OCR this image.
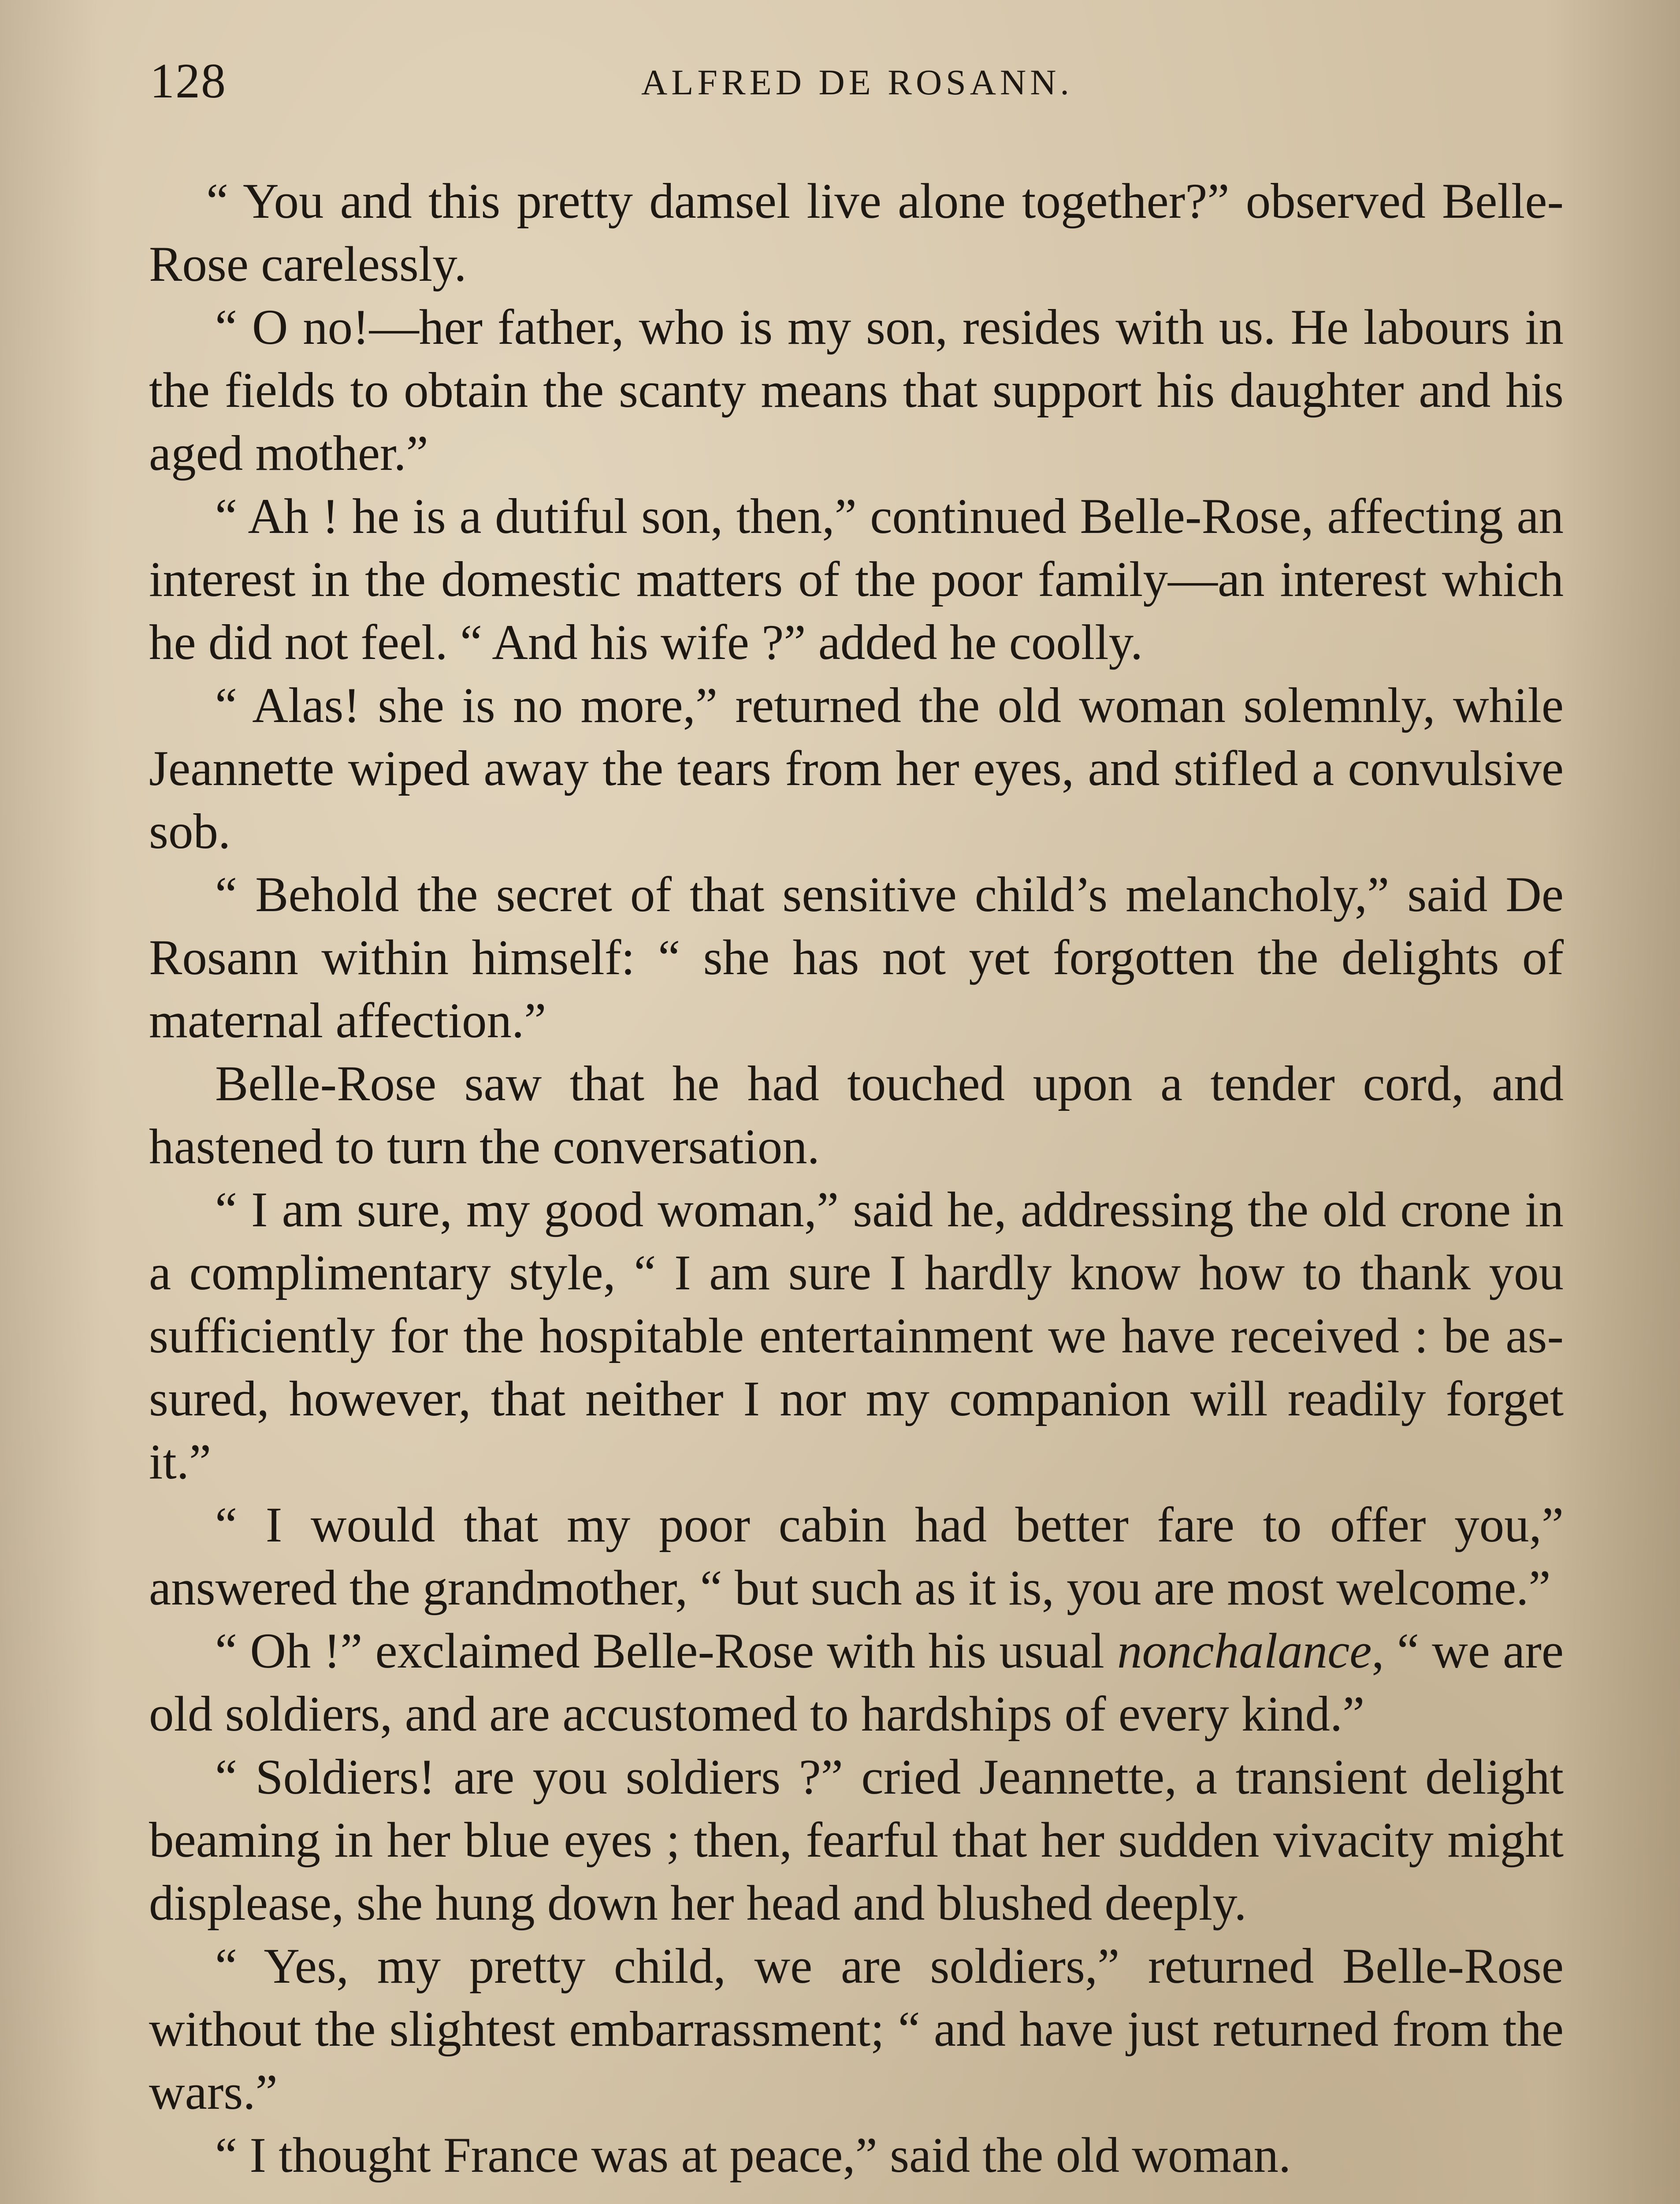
128	ALFRED DE ROSANN.

“ You and this pretty damsel live alone together?” observed Belle-Rose carelessly.

“ O no!—her father, who is my son, resides with us. He labours in the fields to obtain the scanty means that support his daughter and his aged mother.”

“ Ah ! he is a dutiful son, then,” continued Belle-Rose, affecting an interest in the domestic matters of the poor family—an interest which he did not feel. “ And his wife ?” added he coolly.

“ Alas! she is no more,” returned the old woman solemnly, while Jeannette wiped away the tears from her eyes, and stifled a convulsive sob.

“ Behold the secret of that sensitive child’s melancholy,” said De Rosann within himself: “ she has not yet forgotten the delights of maternal affection.”

Belle-Rose saw that he had touched upon a tender cord, and hastened to turn the conversation.

“ I am sure, my good woman,” said he, addressing the old crone in a complimentary style, “ I am sure I hardly know how to thank you sufficiently for the hospitable entertainment we have received : be assured, however, that neither I nor my companion will readily forget it.”

“ I would that my poor cabin had better fare to offer you,” answered the grandmother, “ but such as it is, you are most welcome.”

“ Oh !” exclaimed Belle-Rose with his usual nonchalance, “ we are old soldiers, and are accustomed to hardships of every kind.”

“ Soldiers! are you soldiers ?” cried Jeannette, a transient delight beaming in her blue eyes ; then, fearful that her sudden vivacity might displease, she hung down her head and blushed deeply.

“ Yes, my pretty child, we are soldiers,” returned Belle-Rose without the slightest embarrassment; “ and have just returned from the wars.”

“ I thought France was at peace,” said the old woman.
